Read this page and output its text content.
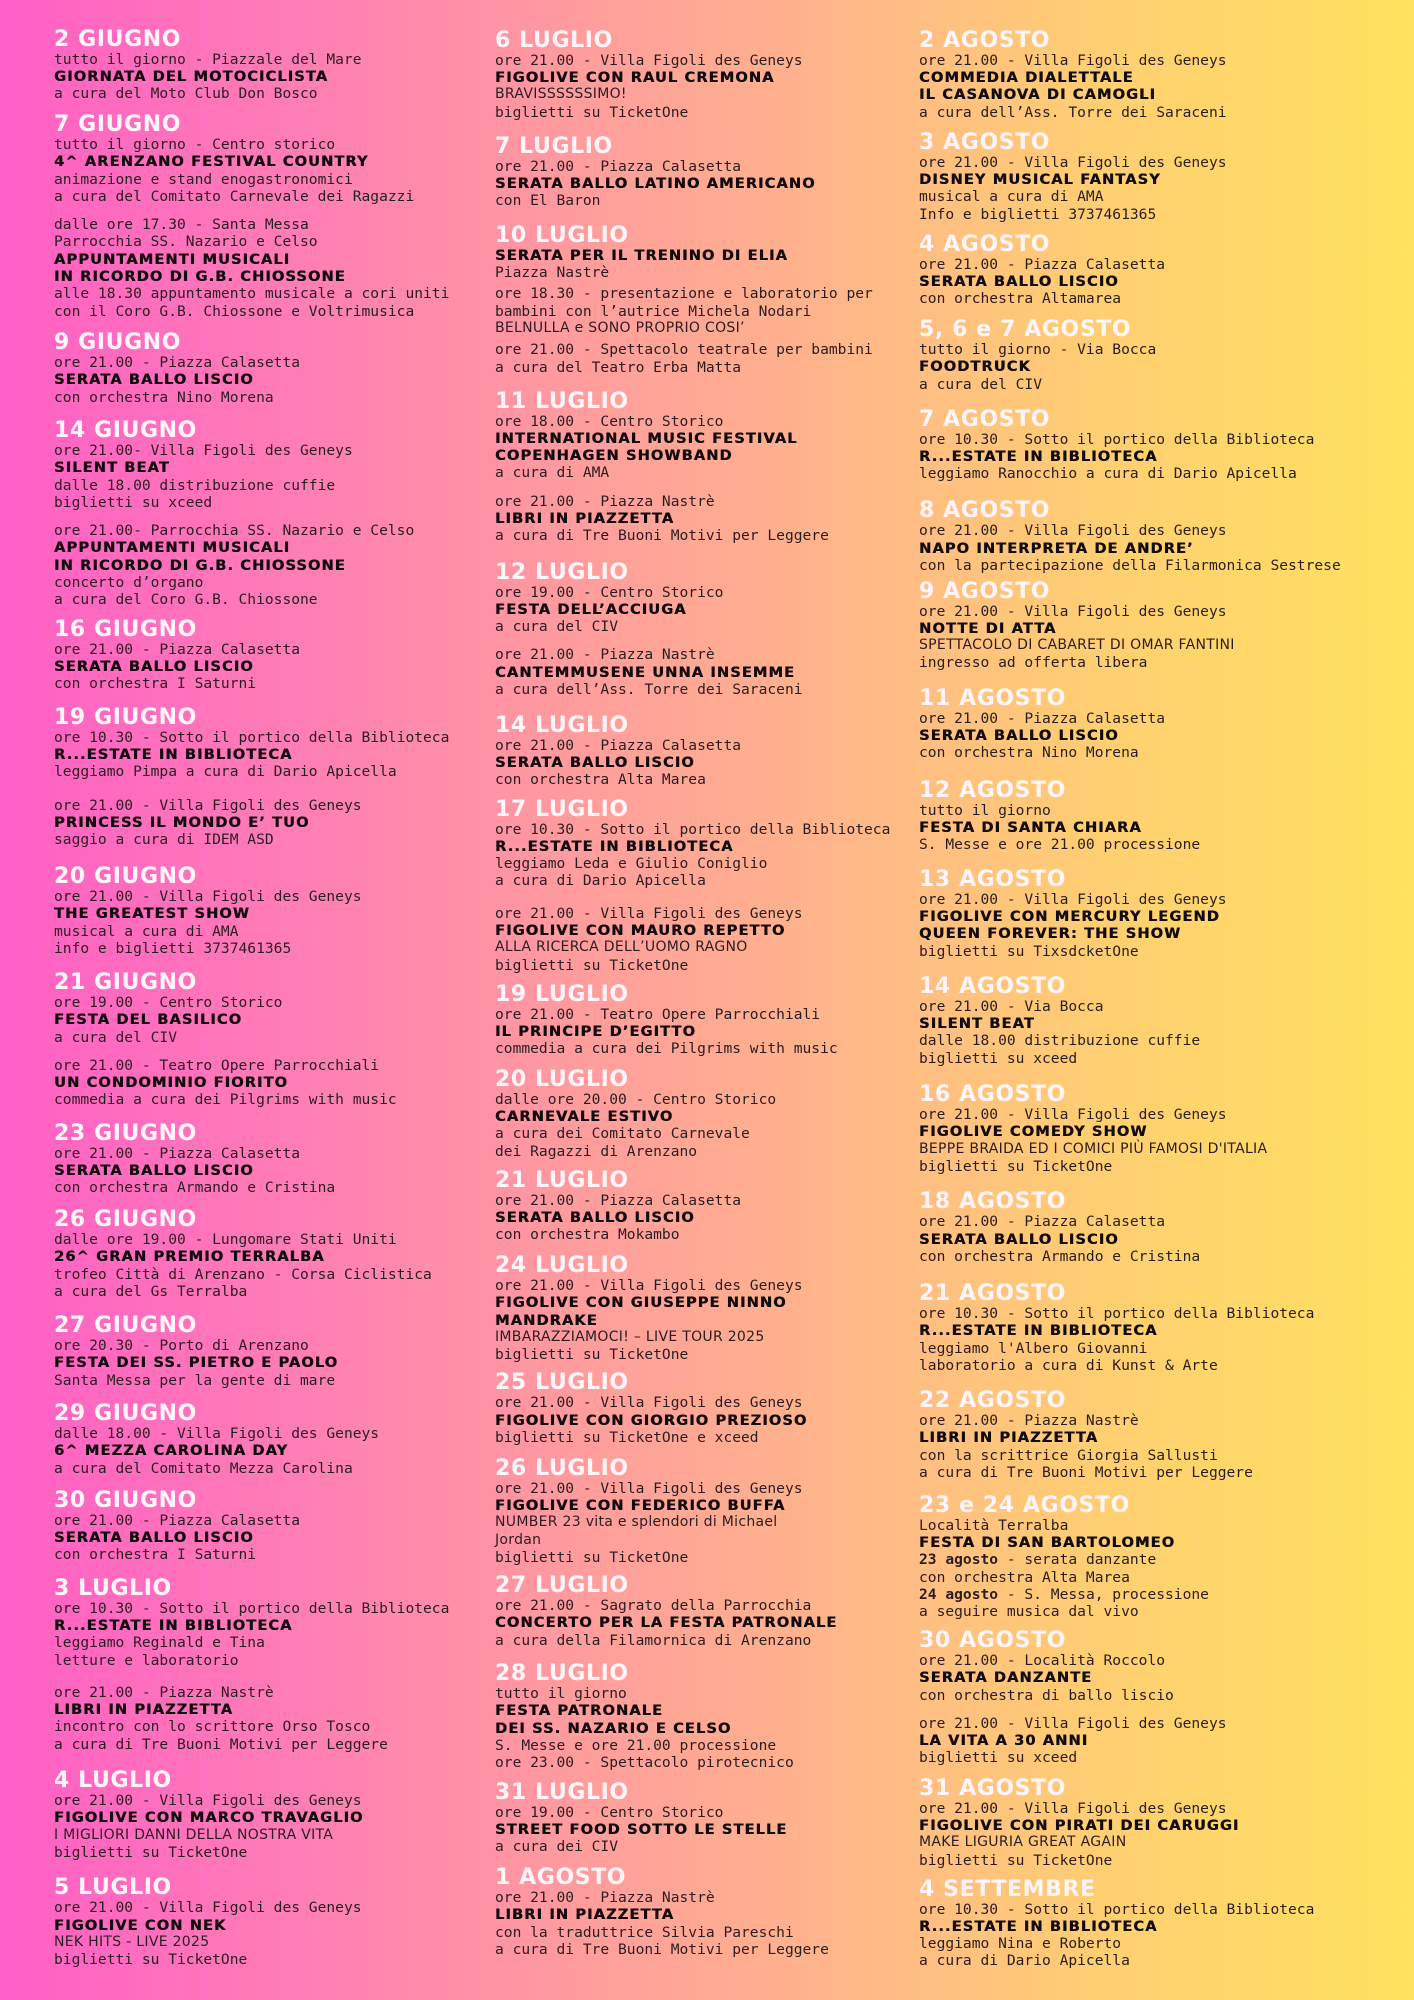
2 GIUGNO
tutto il giorno - Piazzale del Mare
GIORNATA DEL MOTOCICLISTA
a cura del Moto Club Don Bosco
7 GIUGNO
tutto il giorno - Centro storico
4^ ARENZANO FESTIVAL COUNTRY
animazione e stand enogastronomici
a cura del Comitato Carnevale dei Ragazzi
dalle ore 17.30 - Santa Messa
Parrocchia SS. Nazario e Celso
APPUNTAMENTI MUSICALI
IN RICORDO DI G.B. CHIOSSONE
alle 18.30 appuntamento musicale a cori uniti
con il Coro G.B. Chiossone e Voltrimusica
9 GIUGNO
ore 21.00 - Piazza Calasetta
SERATA BALLO LISCIO
con orchestra Nino Morena
14 GIUGNO
ore 21.00- Villa Figoli des Geneys
SILENT BEAT
dalle 18.00 distribuzione cuffie
biglietti su xceed
ore 21.00- Parrocchia SS. Nazario e Celso
APPUNTAMENTI MUSICALI
IN RICORDO DI G.B. CHIOSSONE
concerto d’organo
a cura del Coro G.B. Chiossone
16 GIUGNO
ore 21.00 - Piazza Calasetta
SERATA BALLO LISCIO
con orchestra I Saturni
19 GIUGNO
ore 10.30 - Sotto il portico della Biblioteca
R...ESTATE IN BIBLIOTECA
leggiamo Pimpa a cura di Dario Apicella
ore 21.00 - Villa Figoli des Geneys
PRINCESS IL MONDO E’ TUO
saggio a cura di IDEM ASD
20 GIUGNO
ore 21.00 - Villa Figoli des Geneys
THE GREATEST SHOW
musical a cura di AMA
info e biglietti 3737461365
21 GIUGNO
ore 19.00 - Centro Storico
FESTA DEL BASILICO
a cura del CIV
ore 21.00 - Teatro Opere Parrocchiali
UN CONDOMINIO FIORITO
commedia a cura dei Pilgrims with music
23 GIUGNO
ore 21.00 - Piazza Calasetta
SERATA BALLO LISCIO
con orchestra Armando e Cristina
26 GIUGNO
dalle ore 19.00 - Lungomare Stati Uniti
26^ GRAN PREMIO TERRALBA
trofeo Città di Arenzano - Corsa Ciclistica
a cura del Gs Terralba
27 GIUGNO
ore 20.30 - Porto di Arenzano
FESTA DEI SS. PIETRO E PAOLO
Santa Messa per la gente di mare
29 GIUGNO
dalle 18.00 - Villa Figoli des Geneys
6^ MEZZA CAROLINA DAY
a cura del Comitato Mezza Carolina
30 GIUGNO
ore 21.00 - Piazza Calasetta
SERATA BALLO LISCIO
con orchestra I Saturni
3 LUGLIO
ore 10.30 - Sotto il portico della Biblioteca
R...ESTATE IN BIBLIOTECA
leggiamo Reginald e Tina
letture e laboratorio
ore 21.00 - Piazza Nastrè
LIBRI IN PIAZZETTA
incontro con lo scrittore Orso Tosco
a cura di Tre Buoni Motivi per Leggere
4 LUGLIO
ore 21.00 - Villa Figoli des Geneys
FIGOLIVE CON MARCO TRAVAGLIO
I MIGLIORI DANNI DELLA NOSTRA VITA
biglietti su TicketOne
5 LUGLIO
ore 21.00 - Villa Figoli des Geneys
FIGOLIVE CON NEK
NEK HITS - LIVE 2025
biglietti su TicketOne
6 LUGLIO
ore 21.00 - Villa Figoli des Geneys
FIGOLIVE CON RAUL CREMONA
BRAVISSSSSSIMO!
biglietti su TicketOne
7 LUGLIO
ore 21.00 - Piazza Calasetta
SERATA BALLO LATINO AMERICANO
con El Baron
10 LUGLIO
SERATA PER IL TRENINO DI ELIA
Piazza Nastrè
ore 18.30 - presentazione e laboratorio per
bambini con l’autrice Michela Nodari
BELNULLA e SONO PROPRIO COSI’
ore 21.00 - Spettacolo teatrale per bambini
a cura del Teatro Erba Matta
11 LUGLIO
ore 18.00 - Centro Storico
INTERNATIONAL MUSIC FESTIVAL
COPENHAGEN SHOWBAND
a cura di AMA
ore 21.00 - Piazza Nastrè
LIBRI IN PIAZZETTA
a cura di Tre Buoni Motivi per Leggere
12 LUGLIO
ore 19.00 - Centro Storico
FESTA DELL’ACCIUGA
a cura del CIV
ore 21.00 - Piazza Nastrè
CANTEMMUSENE UNNA INSEMME
a cura dell’Ass. Torre dei Saraceni
14 LUGLIO
ore 21.00 - Piazza Calasetta
SERATA BALLO LISCIO
con orchestra Alta Marea
17 LUGLIO
ore 10.30 - Sotto il portico della Biblioteca
R...ESTATE IN BIBLIOTECA
leggiamo Leda e Giulio Coniglio
a cura di Dario Apicella
ore 21.00 - Villa Figoli des Geneys
FIGOLIVE CON MAURO REPETTO
ALLA RICERCA DELL’UOMO RAGNO
biglietti su TicketOne
19 LUGLIO
ore 21.00 - Teatro Opere Parrocchiali
IL PRINCIPE D’EGITTO
commedia a cura dei Pilgrims with music
20 LUGLIO
dalle ore 20.00 - Centro Storico
CARNEVALE ESTIVO
a cura dei Comitato Carnevale
dei Ragazzi di Arenzano
21 LUGLIO
ore 21.00 - Piazza Calasetta
SERATA BALLO LISCIO
con orchestra Mokambo
24 LUGLIO
ore 21.00 - Villa Figoli des Geneys
FIGOLIVE CON GIUSEPPE NINNO
MANDRAKE
IMBARAZZIAMOCI! – LIVE TOUR 2025
biglietti su TicketOne
25 LUGLIO
ore 21.00 - Villa Figoli des Geneys
FIGOLIVE CON GIORGIO PREZIOSO
biglietti su TicketOne e xceed
26 LUGLIO
ore 21.00 - Villa Figoli des Geneys
FIGOLIVE CON FEDERICO BUFFA
NUMBER 23 vita e splendori di Michael
Jordan
biglietti su TicketOne
27 LUGLIO
ore 21.00 - Sagrato della Parrocchia
CONCERTO PER LA FESTA PATRONALE
a cura della Filamornica di Arenzano
28 LUGLIO
tutto il giorno
FESTA PATRONALE
DEI SS. NAZARIO E CELSO
S. Messe e ore 21.00 processione
ore 23.00 - Spettacolo pirotecnico
31 LUGLIO
ore 19.00 - Centro Storico
STREET FOOD SOTTO LE STELLE
a cura dei CIV
1 AGOSTO
ore 21.00 - Piazza Nastrè
LIBRI IN PIAZZETTA
con la traduttrice Silvia Pareschi
a cura di Tre Buoni Motivi per Leggere
2 AGOSTO
ore 21.00 - Villa Figoli des Geneys
COMMEDIA DIALETTALE
IL CASANOVA DI CAMOGLI
a cura dell’Ass. Torre dei Saraceni
3 AGOSTO
ore 21.00 - Villa Figoli des Geneys
DISNEY MUSICAL FANTASY
musical a cura di AMA
Info e biglietti 3737461365
4 AGOSTO
ore 21.00 - Piazza Calasetta
SERATA BALLO LISCIO
con orchestra Altamarea
5, 6 e 7 AGOSTO
tutto il giorno - Via Bocca
FOODTRUCK
a cura del CIV
7 AGOSTO
ore 10.30 - Sotto il portico della Biblioteca
R...ESTATE IN BIBLIOTECA
leggiamo Ranocchio a cura di Dario Apicella
8 AGOSTO
ore 21.00 - Villa Figoli des Geneys
NAPO INTERPRETA DE ANDRE’
con la partecipazione della Filarmonica Sestrese
9 AGOSTO
ore 21.00 - Villa Figoli des Geneys
NOTTE DI ATTA
SPETTACOLO DI CABARET DI OMAR FANTINI
ingresso ad offerta libera
11 AGOSTO
ore 21.00 - Piazza Calasetta
SERATA BALLO LISCIO
con orchestra Nino Morena
12 AGOSTO
tutto il giorno
FESTA DI SANTA CHIARA
S. Messe e ore 21.00 processione
13 AGOSTO
ore 21.00 - Villa Figoli des Geneys
FIGOLIVE CON MERCURY LEGEND
QUEEN FOREVER: THE SHOW
biglietti su TixsdcketOne
14 AGOSTO
ore 21.00 - Via Bocca
SILENT BEAT
dalle 18.00 distribuzione cuffie
biglietti su xceed
16 AGOSTO
ore 21.00 - Villa Figoli des Geneys
FIGOLIVE COMEDY SHOW
BEPPE BRAIDA ED I COMICI PIÙ FAMOSI D'ITALIA
biglietti su TicketOne
18 AGOSTO
ore 21.00 - Piazza Calasetta
SERATA BALLO LISCIO
con orchestra Armando e Cristina
21 AGOSTO
ore 10.30 - Sotto il portico della Biblioteca
R...ESTATE IN BIBLIOTECA
leggiamo l'Albero Giovanni
laboratorio a cura di Kunst & Arte
22 AGOSTO
ore 21.00 - Piazza Nastrè
LIBRI IN PIAZZETTA
con la scrittrice Giorgia Sallusti
a cura di Tre Buoni Motivi per Leggere
23 e 24 AGOSTO
Località Terralba
FESTA DI SAN BARTOLOMEO
23 agosto - serata danzante
con orchestra Alta Marea
24 agosto - S. Messa, processione
a seguire musica dal vivo
30 AGOSTO
ore 21.00 - Località Roccolo
SERATA DANZANTE
con orchestra di ballo liscio
ore 21.00 - Villa Figoli des Geneys
LA VITA A 30 ANNI
biglietti su xceed
31 AGOSTO
ore 21.00 - Villa Figoli des Geneys
FIGOLIVE CON PIRATI DEI CARUGGI
MAKE LIGURIA GREAT AGAIN
biglietti su TicketOne
4 SETTEMBRE
ore 10.30 - Sotto il portico della Biblioteca
R...ESTATE IN BIBLIOTECA
leggiamo Nina e Roberto
a cura di Dario Apicella
